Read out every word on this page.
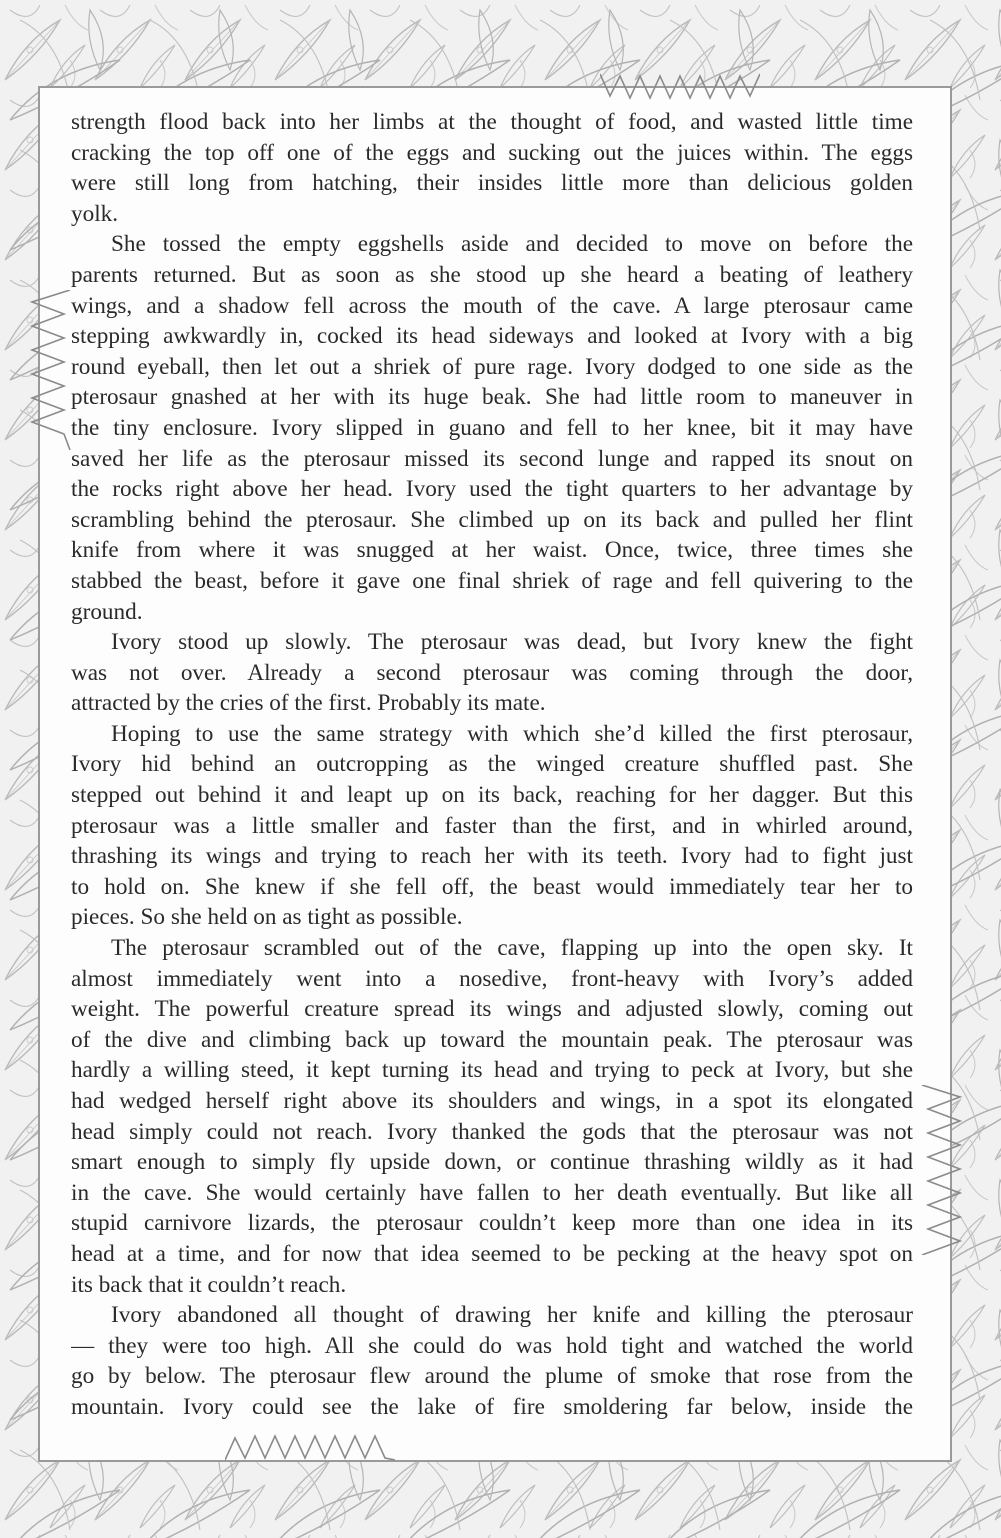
strength flood back into her limbs at the thought of food, and wasted little time
cracking the top off one of the eggs and sucking out the juices within. The eggs
were still long from hatching, their insides little more than delicious golden
yolk.
She tossed the empty eggshells aside and decided to move on before the
parents returned. But as soon as she stood up she heard a beating of leathery
wings, and a shadow fell across the mouth of the cave. A large pterosaur came
stepping awkwardly in, cocked its head sideways and looked at Ivory with a big
round eyeball, then let out a shriek of pure rage. Ivory dodged to one side as the
pterosaur gnashed at her with its huge beak. She had little room to maneuver in
the tiny enclosure. Ivory slipped in guano and fell to her knee, bit it may have
saved her life as the pterosaur missed its second lunge and rapped its snout on
the rocks right above her head. Ivory used the tight quarters to her advantage by
scrambling behind the pterosaur. She climbed up on its back and pulled her flint
knife from where it was snugged at her waist. Once, twice, three times she
stabbed the beast, before it gave one final shriek of rage and fell quivering to the
ground.
Ivory stood up slowly. The pterosaur was dead, but Ivory knew the fight
was not over. Already a second pterosaur was coming through the door,
attracted by the cries of the first. Probably its mate.
Hoping to use the same strategy with which she’d killed the first pterosaur,
Ivory hid behind an outcropping as the winged creature shuffled past. She
stepped out behind it and leapt up on its back, reaching for her dagger. But this
pterosaur was a little smaller and faster than the first, and in whirled around,
thrashing its wings and trying to reach her with its teeth. Ivory had to fight just
to hold on. She knew if she fell off, the beast would immediately tear her to
pieces. So she held on as tight as possible.
The pterosaur scrambled out of the cave, flapping up into the open sky. It
almost immediately went into a nosedive, front-heavy with Ivory’s added
weight. The powerful creature spread its wings and adjusted slowly, coming out
of the dive and climbing back up toward the mountain peak. The pterosaur was
hardly a willing steed, it kept turning its head and trying to peck at Ivory, but she
had wedged herself right above its shoulders and wings, in a spot its elongated
head simply could not reach. Ivory thanked the gods that the pterosaur was not
smart enough to simply fly upside down, or continue thrashing wildly as it had
in the cave. She would certainly have fallen to her death eventually. But like all
stupid carnivore lizards, the pterosaur couldn’t keep more than one idea in its
head at a time, and for now that idea seemed to be pecking at the heavy spot on
its back that it couldn’t reach.
Ivory abandoned all thought of drawing her knife and killing the pterosaur
— they were too high. All she could do was hold tight and watched the world
go by below. The pterosaur flew around the plume of smoke that rose from the
mountain. Ivory could see the lake of fire smoldering far below, inside the
